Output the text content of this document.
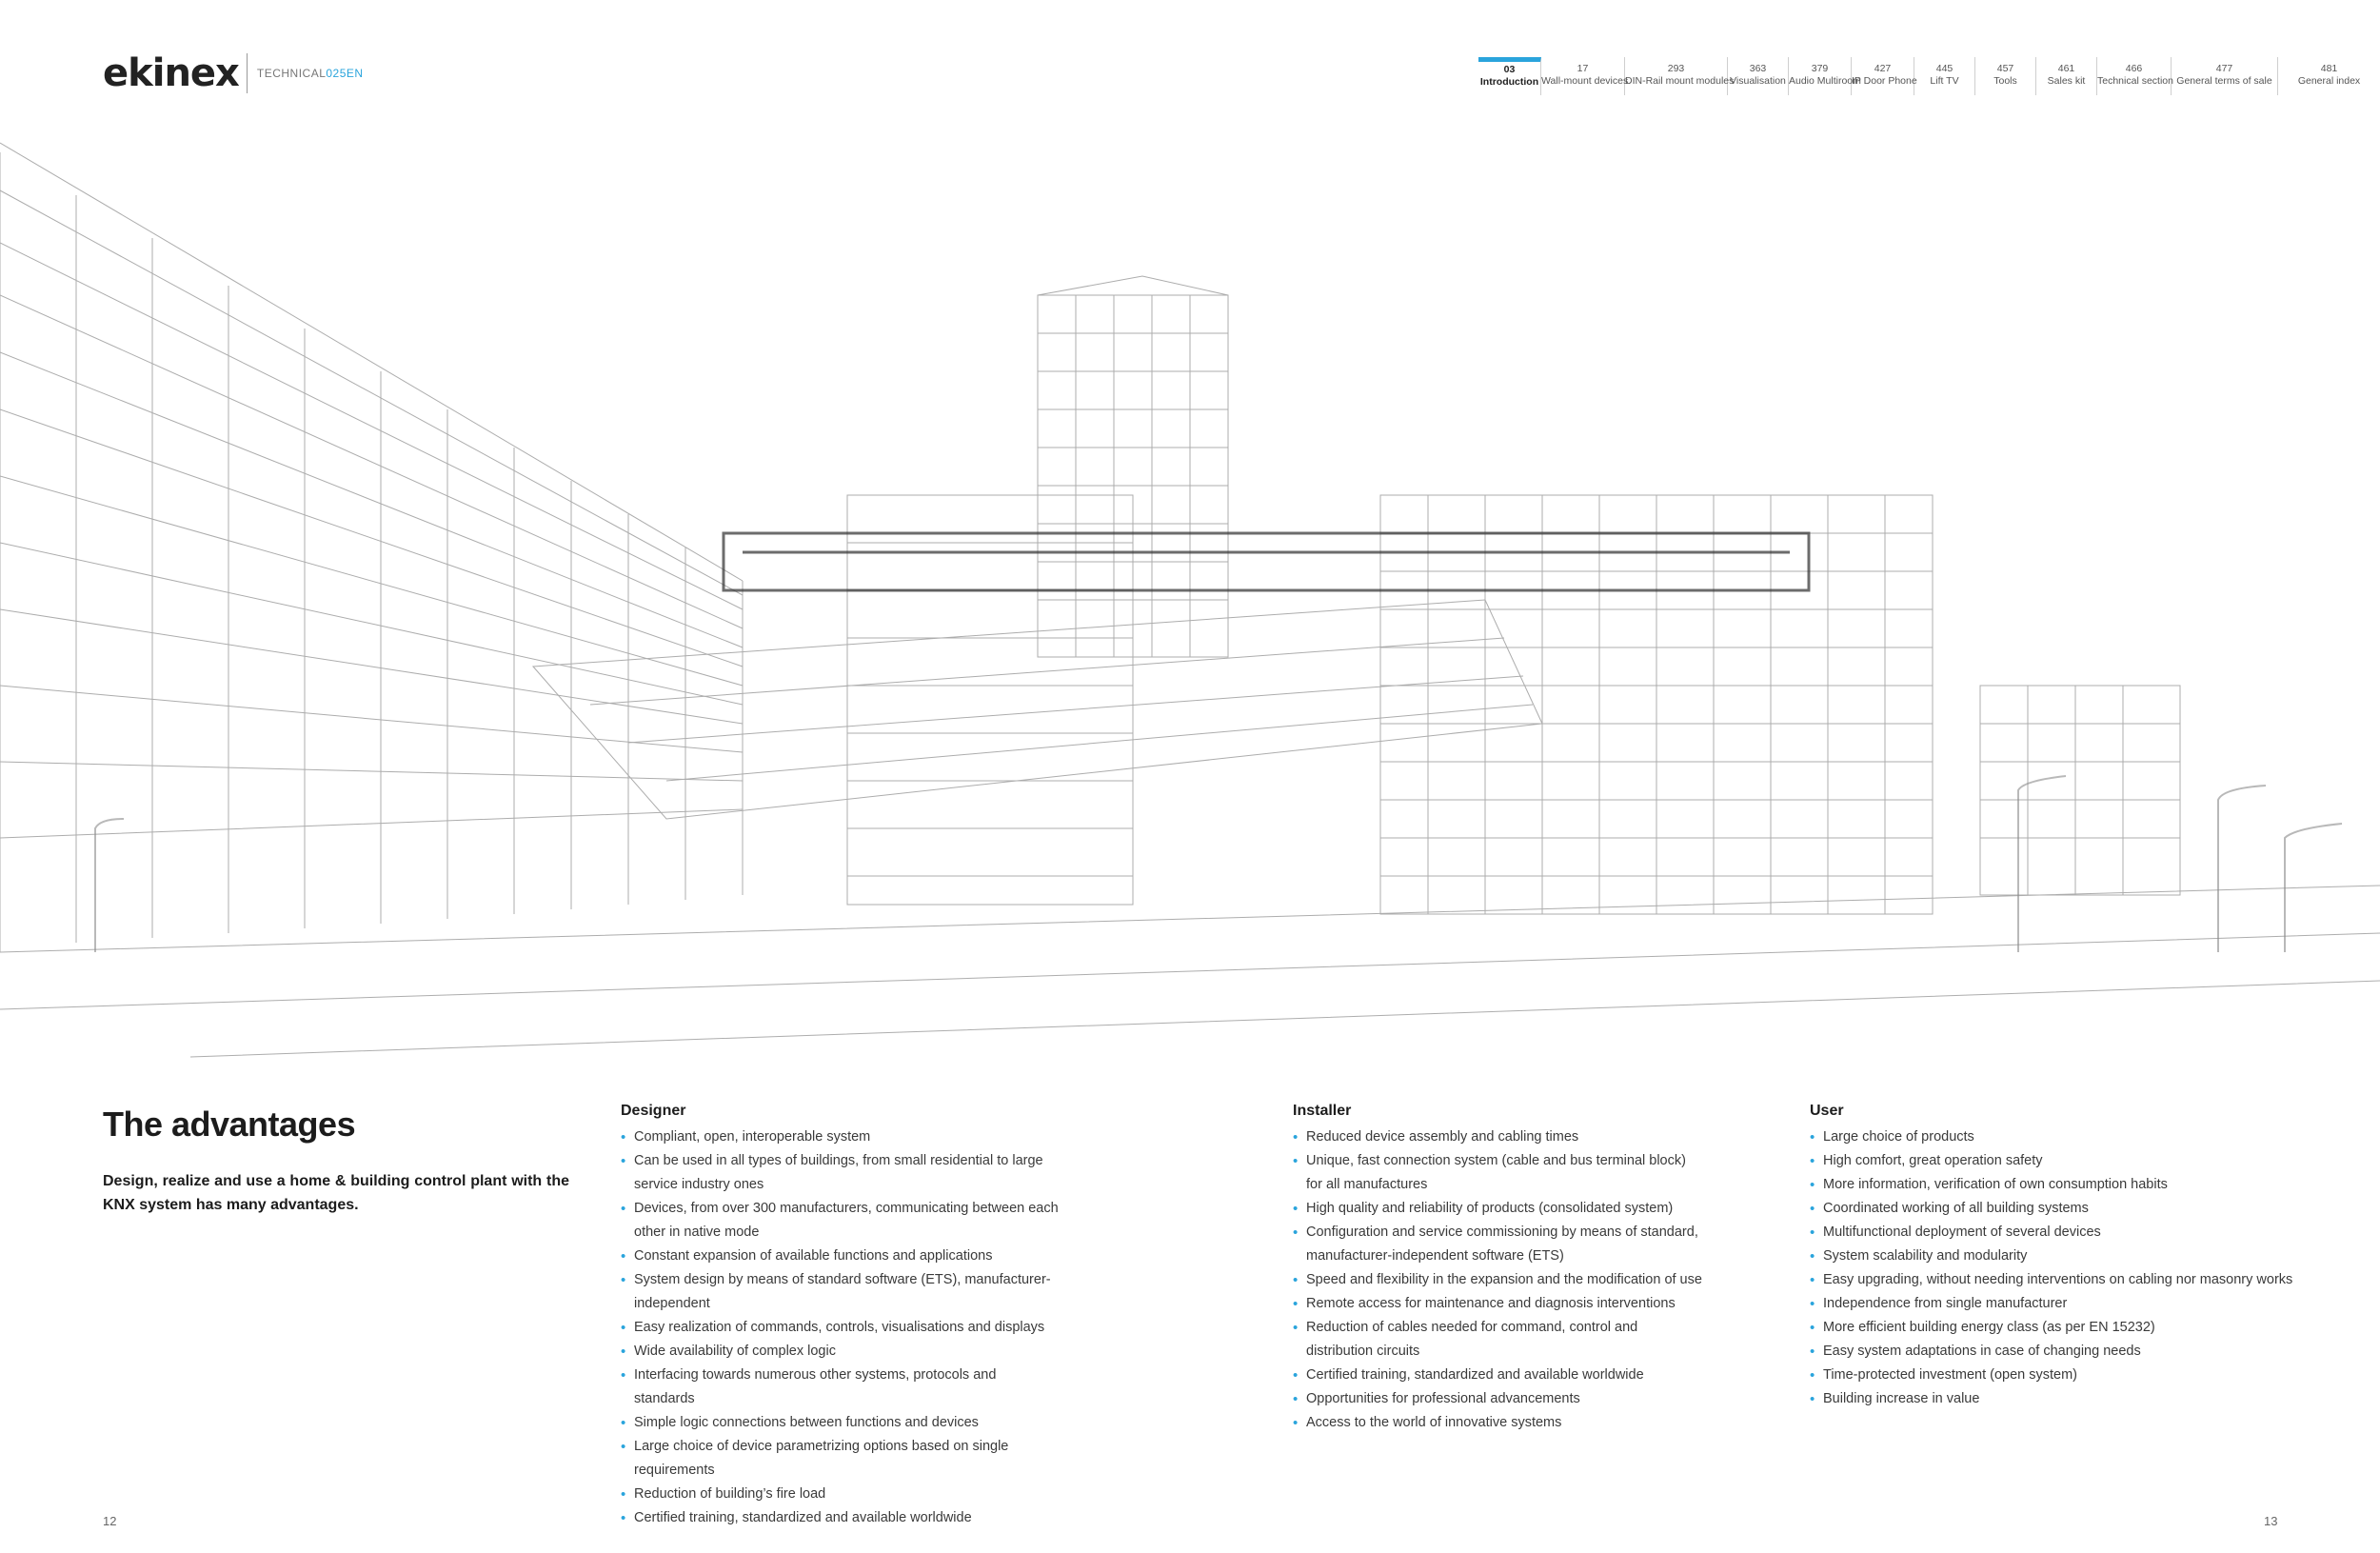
ekinex TECHNICAL025EN	03
Introduction
17
Wall-mount devices
293
DIN-Rail mount modules
363
Visualisation
379
Audio Multiroom
427
IP Door Phone
445
Lift TV
457
Tools
461
Sales kit
466
Technical section
477
General terms of sale
481
General index
The advantages

Design, realize and use a home & building control plant with the KNX system has many advantages.

Designer
• Compliant, open, interoperable system
• Can be used in all types of buildings, from small residential to large service industry ones
• Devices, from over 300 manufacturers, communicating between each other in native mode
• Constant expansion of available functions and applications
• System design by means of standard software (ETS), manufacturer-independent
• Easy realization of commands, controls, visualisations and displays
• Wide availability of complex logic
• Interfacing towards numerous other systems, protocols and standards
• Simple logic connections between functions and devices
• Large choice of device parametrizing options based on single requirements
• Reduction of building’s fire load
• Certified training, standardized and available worldwide
Installer
• Reduced device assembly and cabling times
• Unique, fast connection system (cable and bus terminal block) for all manufactures
• High quality and reliability of products (consolidated system)
• Configuration and service commissioning by means of standard, manufacturer-independent software (ETS)
• Speed and flexibility in the expansion and the modification of use
• Remote access for maintenance and diagnosis interventions
• Reduction of cables needed for command, control and distribution circuits
• Certified training, standardized and available worldwide
• Opportunities for professional advancements
• Access to the world of innovative systems
User
• Large choice of products
• High comfort, great operation safety
• More information, verification of own consumption habits
• Coordinated working of all building systems
• Multifunctional deployment of several devices
• System scalability and modularity
• Easy upgrading, without needing interventions on cabling nor masonry works
• Independence from single manufacturer
• More efficient building energy class (as per EN 15232)
• Easy system adaptations in case of changing needs
• Time-protected investment (open system)
• Building increase in value
12	13
